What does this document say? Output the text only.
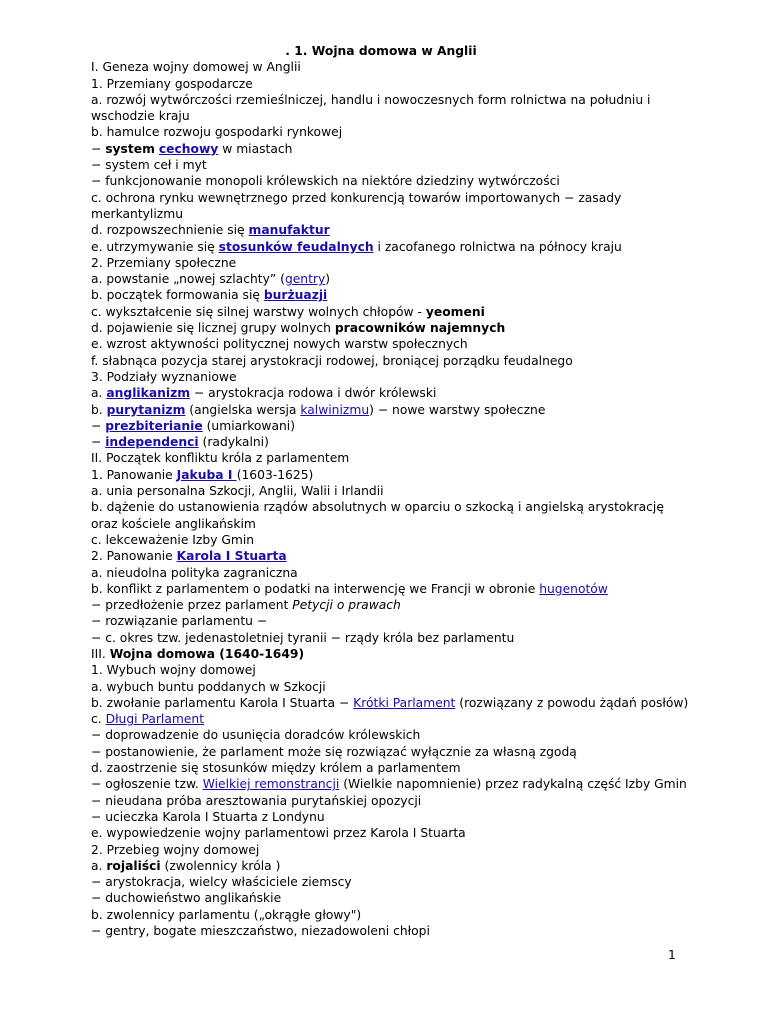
. 1. Wojna domowa w Anglii
I. Geneza wojny domowej w Anglii
1. Przemiany gospodarcze
a. rozwój wytwórczości rzemieślniczej, handlu i nowoczesnych form rolnictwa na południu i wschodzie kraju
b. hamulce rozwoju gospodarki rynkowej
− system cechowy w miastach
− system ceł i myt
− funkcjonowanie monopoli królewskich na niektóre dziedziny wytwórczości
c. ochrona rynku wewnętrznego przed konkurencją towarów importowanych − zasady merkantylizmu
d. rozpowszechnienie się manufaktur
e. utrzymywanie się stosunków feudalnych i zacofanego rolnictwa na północy kraju
2. Przemiany społeczne
a. powstanie „nowej szlachty” (gentry)
b. początek formowania się burżuazji
c. wykształcenie się silnej warstwy wolnych chłopów - yeomeni
d. pojawienie się licznej grupy wolnych pracowników najemnych
e. wzrost aktywności politycznej nowych warstw społecznych
f. słabnąca pozycja starej arystokracji rodowej, broniącej porządku feudalnego
3. Podziały wyznaniowe
a. anglikanizm − arystokracja rodowa i dwór królewski
b. purytanizm (angielska wersja kalwinizmu) − nowe warstwy społeczne
− prezbiterianie (umiarkowani)
− independenci (radykalni)
II. Początek konfliktu króla z parlamentem
1. Panowanie Jakuba I (1603-1625)
a. unia personalna Szkocji, Anglii, Walii i Irlandii
b. dążenie do ustanowienia rządów absolutnych w oparciu o szkocką i angielską arystokrację oraz kościele anglikańskim
c. lekceważenie Izby Gmin
2. Panowanie Karola I Stuarta
a. nieudolna polityka zagraniczna
b. konflikt z parlamentem o podatki na interwencję we Francji w obronie hugenotów
− przedłożenie przez parlament Petycji o prawach
− rozwiązanie parlamentu −
− c. okres tzw. jedenastoletniej tyranii − rządy króla bez parlamentu
III. Wojna domowa (1640-1649)
1. Wybuch wojny domowej
a. wybuch buntu poddanych w Szkocji
b. zwołanie parlamentu Karola I Stuarta − Krótki Parlament (rozwiązany z powodu żądań posłów)
c. Długi Parlament
− doprowadzenie do usunięcia doradców królewskich
− postanowienie, że parlament może się rozwiązać wyłącznie za własną zgodą
d. zaostrzenie się stosunków między królem a parlamentem
− ogłoszenie tzw. Wielkiej remonstrancji (Wielkie napomnienie) przez radykalną część Izby Gmin
− nieudana próba aresztowania purytańskiej opozycji
− ucieczka Karola I Stuarta z Londynu
e. wypowiedzenie wojny parlamentowi przez Karola I Stuarta
2. Przebieg wojny domowej
a. rojaliści (zwolennicy króla )
− arystokracja, wielcy właściciele ziemscy
− duchowieństwo anglikańskie
b. zwolennicy parlamentu („okrągłe głowy")
− gentry, bogate mieszczaństwo, niezadowoleni chłopi
1
